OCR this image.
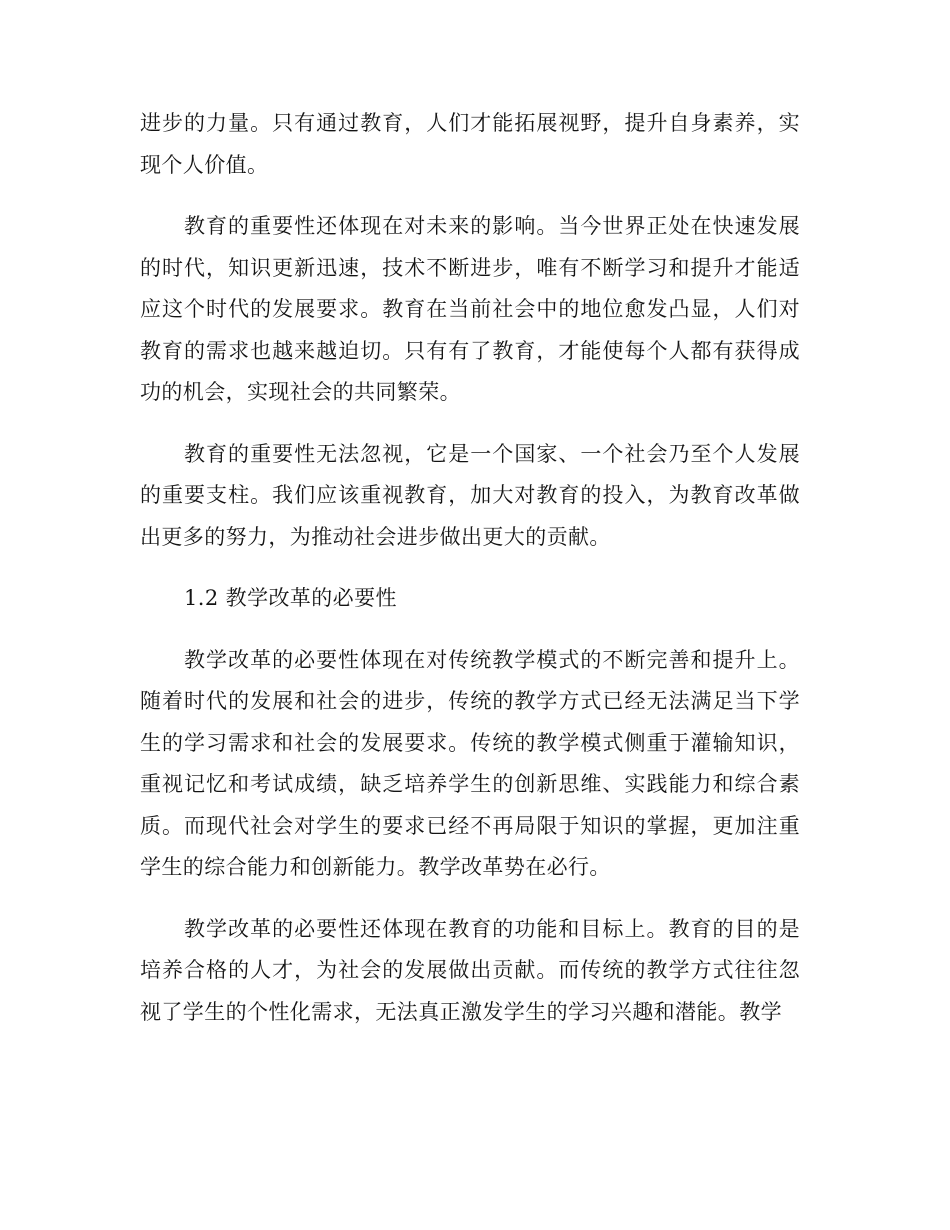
进步的力量。只有通过教育，人们才能拓展视野，提升自身素养，实现个人价值。

教育的重要性还体现在对未来的影响。当今世界正处在快速发展的时代，知识更新迅速，技术不断进步，唯有不断学习和提升才能适应这个时代的发展要求。教育在当前社会中的地位愈发凸显，人们对教育的需求也越来越迫切。只有有了教育，才能使每个人都有获得成功的机会，实现社会的共同繁荣。

教育的重要性无法忽视，它是一个国家、一个社会乃至个人发展的重要支柱。我们应该重视教育，加大对教育的投入，为教育改革做出更多的努力，为推动社会进步做出更大的贡献。

1.2 教学改革的必要性

教学改革的必要性体现在对传统教学模式的不断完善和提升上。随着时代的发展和社会的进步，传统的教学方式已经无法满足当下学生的学习需求和社会的发展要求。传统的教学模式侧重于灌输知识，重视记忆和考试成绩，缺乏培养学生的创新思维、实践能力和综合素质。而现代社会对学生的要求已经不再局限于知识的掌握，更加注重学生的综合能力和创新能力。教学改革势在必行。

教学改革的必要性还体现在教育的功能和目标上。教育的目的是培养合格的人才，为社会的发展做出贡献。而传统的教学方式往往忽视了学生的个性化需求，无法真正激发学生的学习兴趣和潜能。教学
